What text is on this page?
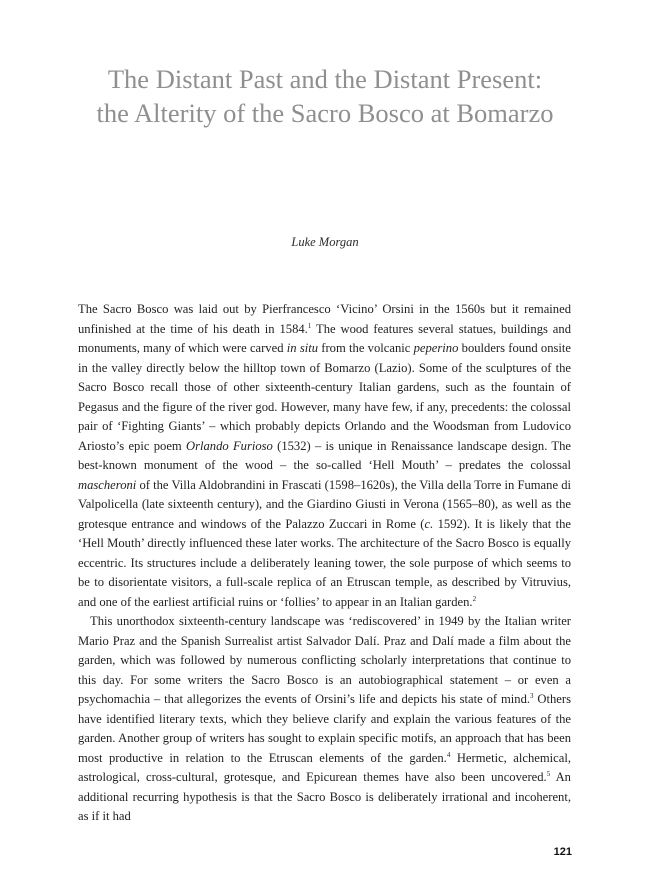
The Distant Past and the Distant Present:
the Alterity of the Sacro Bosco at Bomarzo
Luke Morgan

The Sacro Bosco was laid out by Pierfrancesco ‘Vicino’ Orsini in the 1560s but it remained unfinished at the time of his death in 1584.$^1$ The wood features several statues, buildings and monuments, many of which were carved in situ from the volcanic peperino boulders found onsite in the valley directly below the hilltop town of Bomarzo (Lazio). Some of the sculptures of the Sacro Bosco recall those of other sixteenth-century Italian gardens, such as the fountain of Pegasus and the figure of the river god. However, many have few, if any, precedents: the colossal pair of ‘Fighting Giants’ – which probably depicts Orlando and the Woodsman from Ludovico Ariosto’s epic poem Orlando Furioso (1532) – is unique in Renaissance landscape design. The best-known monument of the wood – the so-called ‘Hell Mouth’ – predates the colossal mascheroni of the Villa Aldobrandini in Frascati (1598–1620s), the Villa della Torre in Fumane di Valpolicella (late sixteenth century), and the Giardino Giusti in Verona (1565–80), as well as the grotesque entrance and windows of the Palazzo Zuccari in Rome (c. 1592). It is likely that the ‘Hell Mouth’ directly influenced these later works. The architecture of the Sacro Bosco is equally eccentric. Its structures include a deliberately leaning tower, the sole purpose of which seems to be to disorientate visitors, a full-scale replica of an Etruscan temple, as described by Vitruvius, and one of the earliest artificial ruins or ‘follies’ to appear in an Italian garden.$^2$

This unorthodox sixteenth-century landscape was ‘rediscovered’ in 1949 by the Italian writer Mario Praz and the Spanish Surrealist artist Salvador Dalí. Praz and Dalí made a film about the garden, which was followed by numerous conflicting scholarly interpretations that continue to this day. For some writers the Sacro Bosco is an autobiographical statement – or even a psychomachia – that allegorizes the events of Orsini’s life and depicts his state of mind.$^3$ Others have identified literary texts, which they believe clarify and explain the various features of the garden. Another group of writers has sought to explain specific motifs, an approach that has been most productive in relation to the Etruscan elements of the garden.$^4$ Hermetic, alchemical, astrological, cross-cultural, grotesque, and Epicurean themes have also been uncovered.$^5$ An additional recurring hypothesis is that the Sacro Bosco is deliberately irrational and incoherent, as if it had

121
